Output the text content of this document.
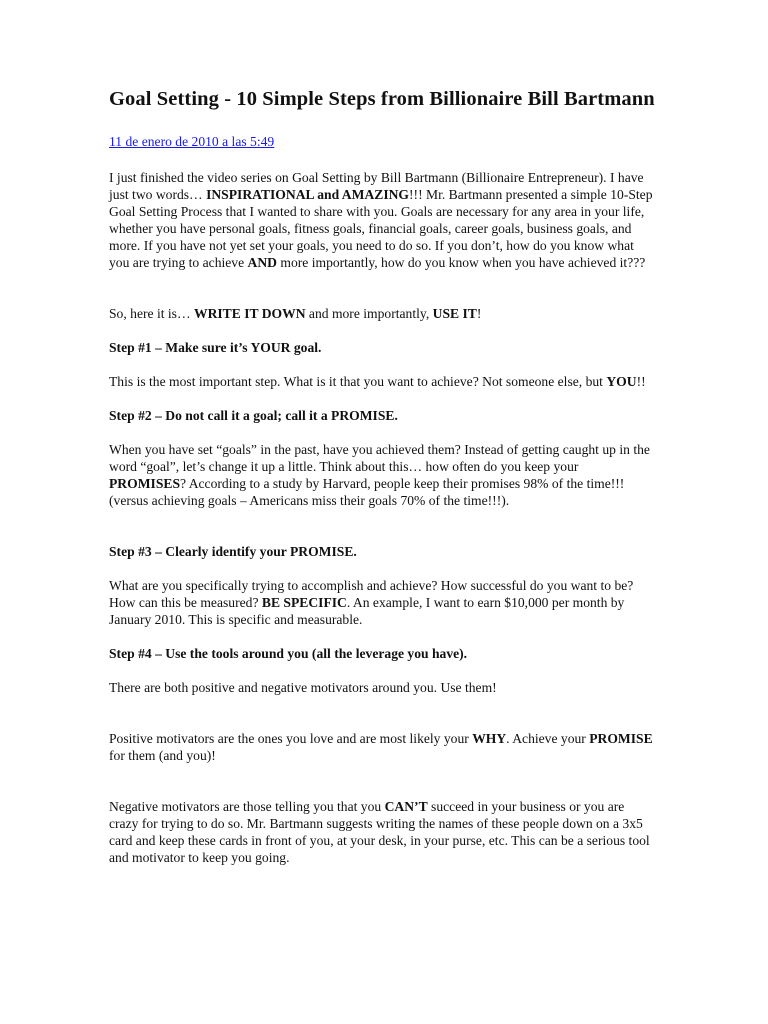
Goal Setting - 10 Simple Steps from Billionaire Bill Bartmann
11 de enero de 2010 a las 5:49

I just finished the video series on Goal Setting by Bill Bartmann (Billionaire Entrepreneur). I have just two words… INSPIRATIONAL and AMAZING!!! Mr. Bartmann presented a simple 10-Step Goal Setting Process that I wanted to share with you. Goals are necessary for any area in your life, whether you have personal goals, fitness goals, financial goals, career goals, business goals, and more. If you have not yet set your goals, you need to do so. If you don’t, how do you know what you are trying to achieve AND more importantly, how do you know when you have achieved it???

So, here it is… WRITE IT DOWN and more importantly, USE IT!

Step #1 – Make sure it’s YOUR goal.

This is the most important step. What is it that you want to achieve? Not someone else, but YOU!!

Step #2 – Do not call it a goal; call it a PROMISE.

When you have set “goals” in the past, have you achieved them? Instead of getting caught up in the word “goal”, let’s change it up a little. Think about this… how often do you keep your PROMISES? According to a study by Harvard, people keep their promises 98% of the time!!! (versus achieving goals – Americans miss their goals 70% of the time!!!).

Step #3 – Clearly identify your PROMISE.

What are you specifically trying to accomplish and achieve? How successful do you want to be? How can this be measured? BE SPECIFIC. An example, I want to earn $10,000 per month by January 2010. This is specific and measurable.

Step #4 – Use the tools around you (all the leverage you have).

There are both positive and negative motivators around you. Use them!

Positive motivators are the ones you love and are most likely your WHY. Achieve your PROMISE for them (and you)!

Negative motivators are those telling you that you CAN’T succeed in your business or you are crazy for trying to do so. Mr. Bartmann suggests writing the names of these people down on a 3x5 card and keep these cards in front of you, at your desk, in your purse, etc. This can be a serious tool and motivator to keep you going.
